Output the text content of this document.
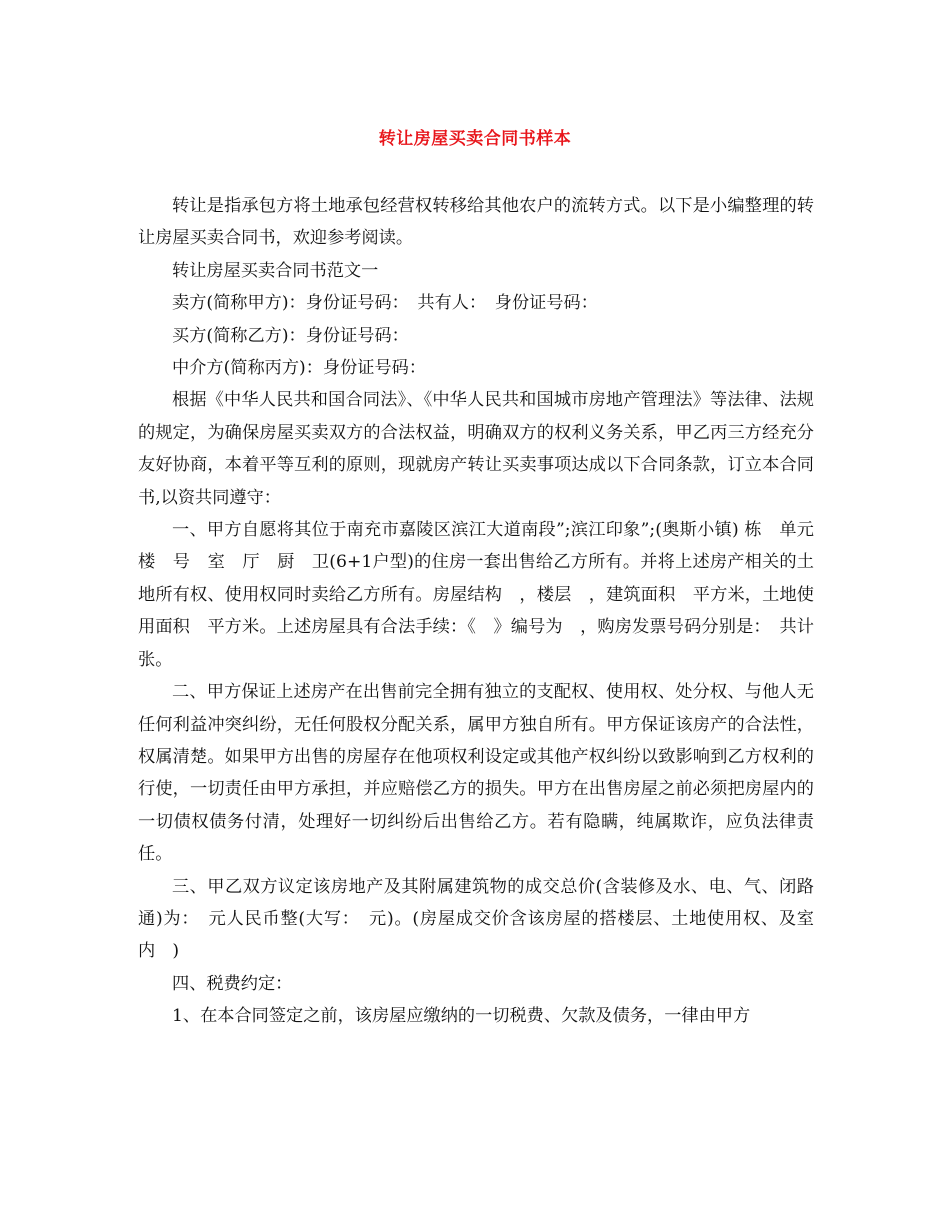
转让房屋买卖合同书样本

转让是指承包方将土地承包经营权转移给其他农户的流转方式。以下是小编整理的转让房屋买卖合同书，欢迎参考阅读。

转让房屋买卖合同书范文一

卖方(简称甲方)：身份证号码：　共有人：　身份证号码：

买方(简称乙方)：身份证号码：

中介方(简称丙方)：身份证号码：

根据《中华人民共和国合同法》、《中华人民共和国城市房地产管理法》等法律、法规的规定，为确保房屋买卖双方的合法权益，明确双方的权利义务关系，甲乙丙三方经充分友好协商，本着平等互利的原则，现就房产转让买卖事项达成以下合同条款，订立本合同书,以资共同遵守：

一、甲方自愿将其位于南充市嘉陵区滨江大道南段”;滨江印象”;(奥斯小镇) 栋　单元　楼　号　室　厅　厨　卫(6+1户型)的住房一套出售给乙方所有。并将上述房产相关的土地所有权、使用权同时卖给乙方所有。房屋结构　，楼层　，建筑面积　平方米，土地使用面积　平方米。上述房屋具有合法手续：《　》编号为　，购房发票号码分别是：　共计　张。

二、甲方保证上述房产在出售前完全拥有独立的支配权、使用权、处分权、与他人无任何利益冲突纠纷，无任何股权分配关系，属甲方独自所有。甲方保证该房产的合法性，权属清楚。如果甲方出售的房屋存在他项权利设定或其他产权纠纷以致影响到乙方权利的行使，一切责任由甲方承担，并应赔偿乙方的损失。甲方在出售房屋之前必须把房屋内的一切债权债务付清，处理好一切纠纷后出售给乙方。若有隐瞒，纯属欺诈，应负法律责任。

三、甲乙双方议定该房地产及其附属建筑物的成交总价(含装修及水、电、气、闭路通)为：　元人民币整(大写：　元)。(房屋成交价含该房屋的搭楼层、土地使用权、及室内　)

四、税费约定：

1、在本合同签定之前，该房屋应缴纳的一切税费、欠款及债务，一律由甲方
